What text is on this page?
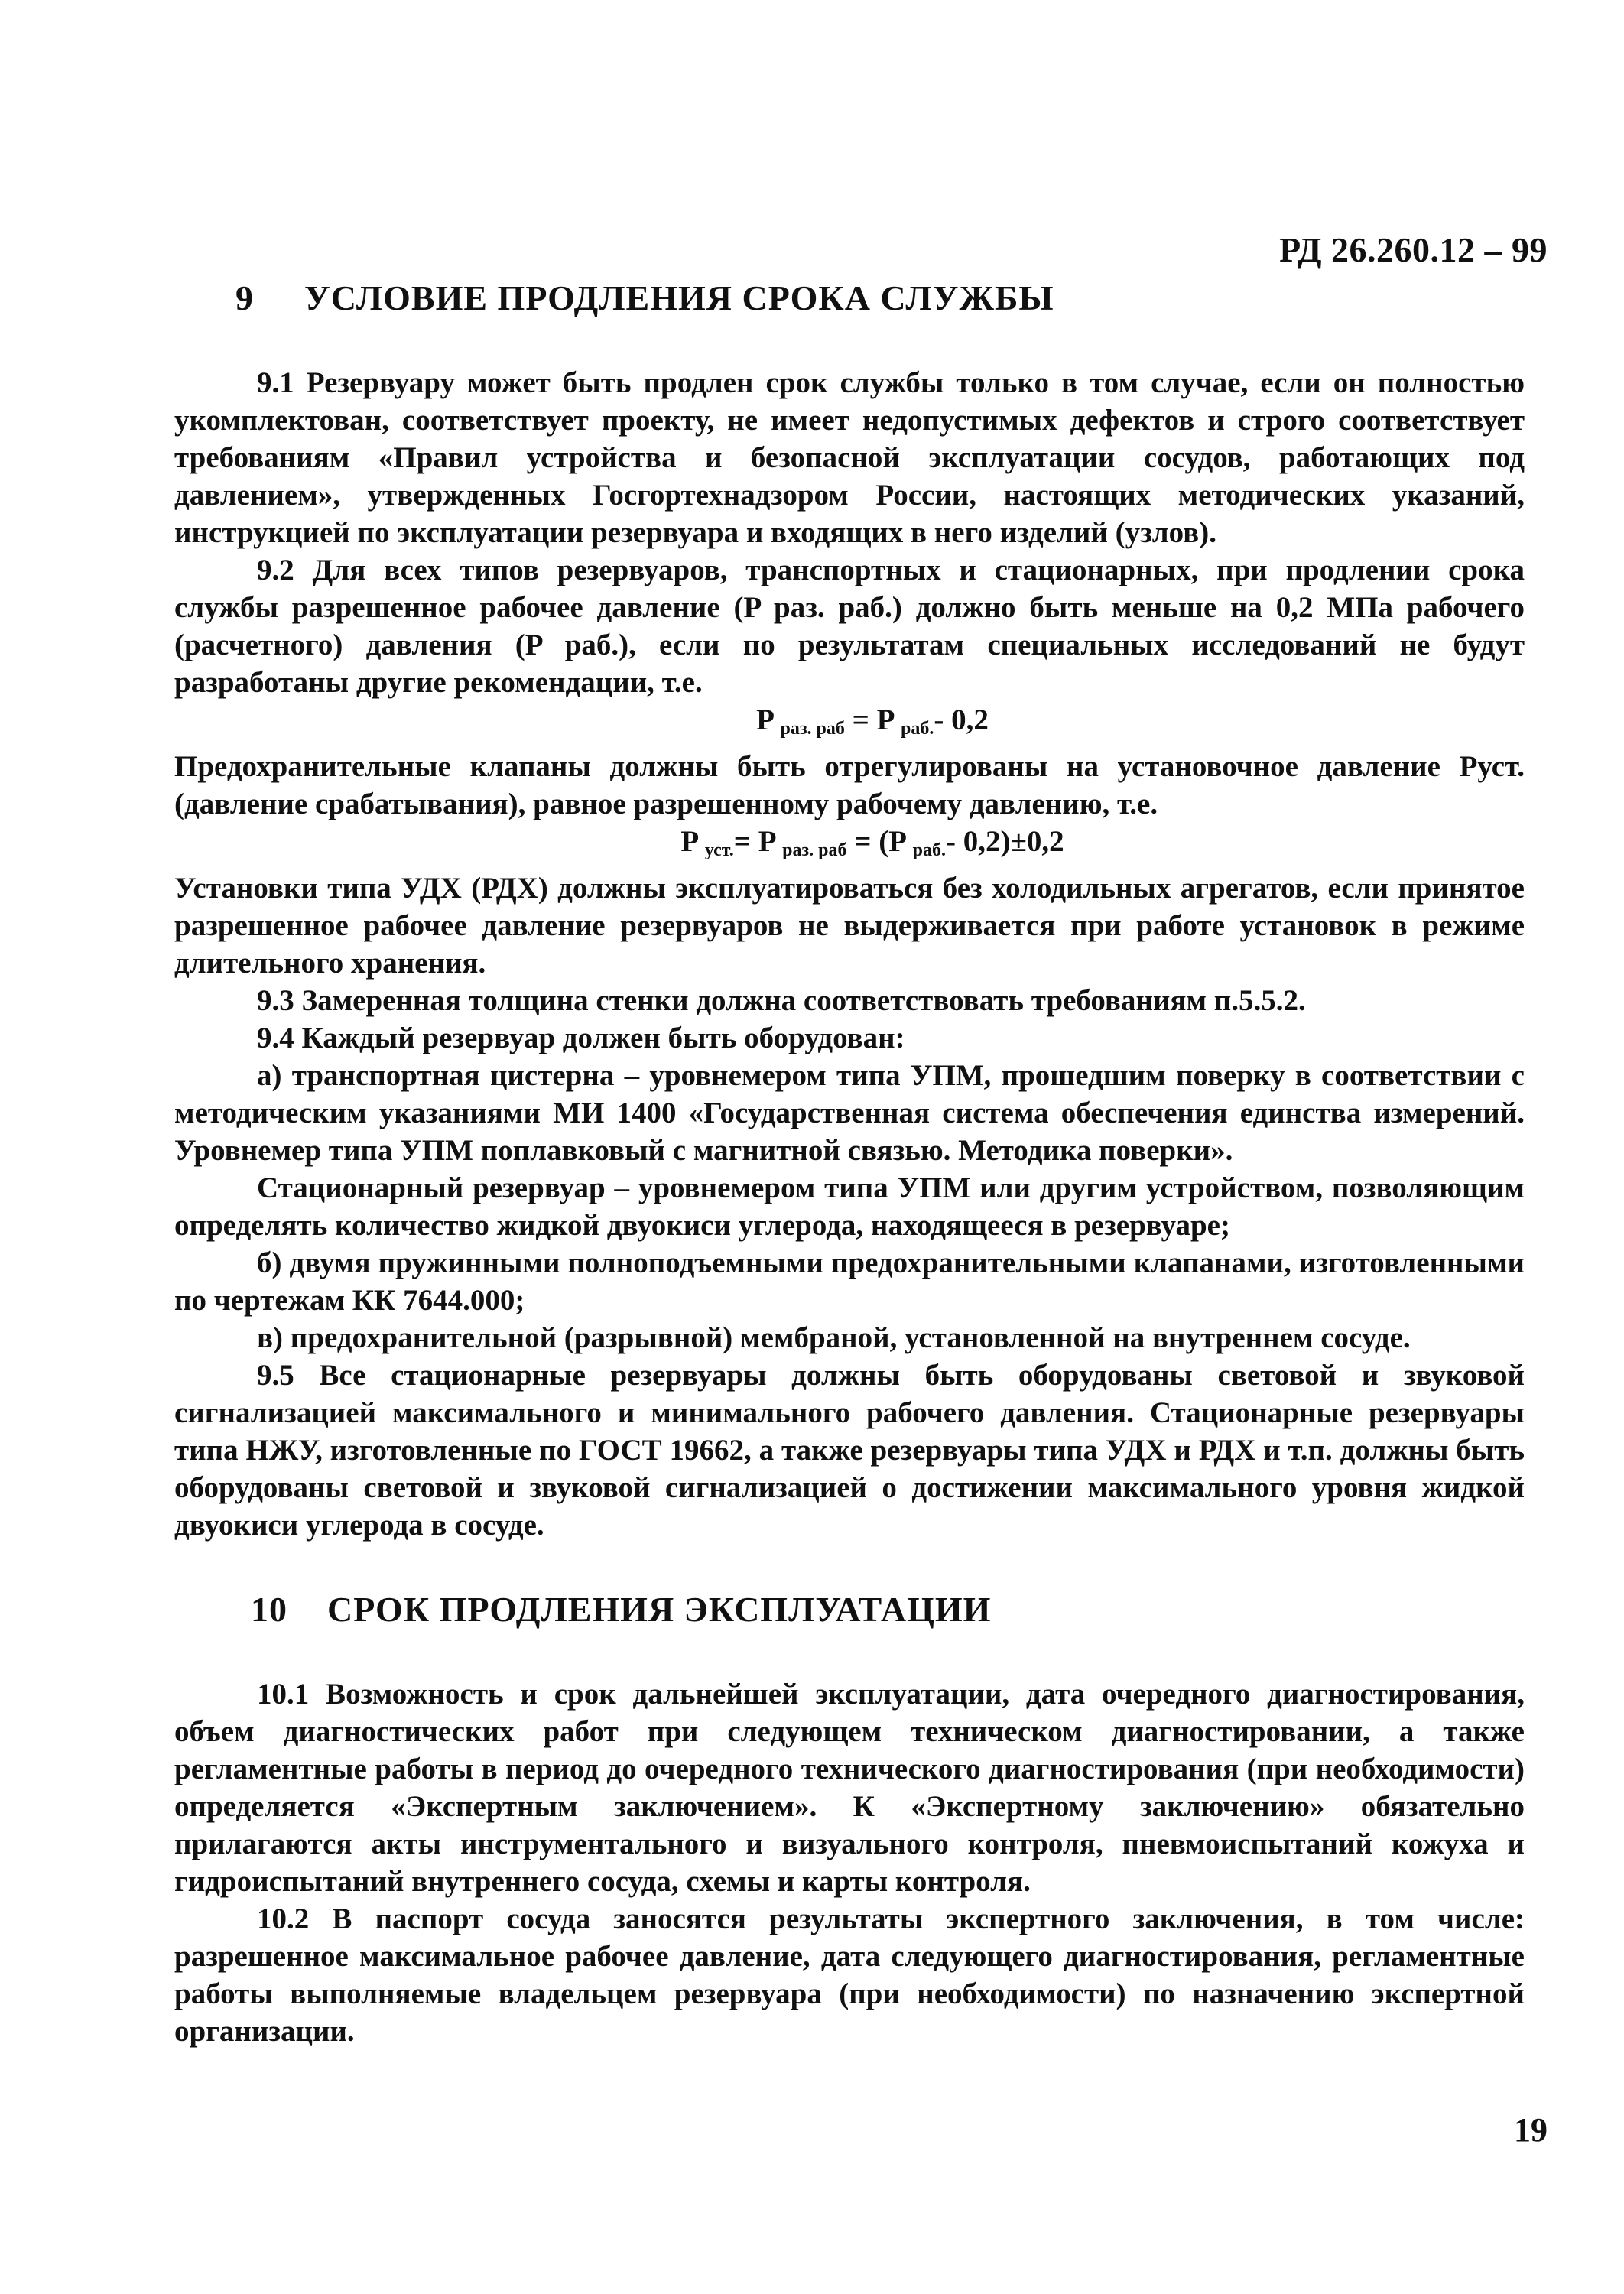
РД 26.260.12 – 99
9 УСЛОВИЕ ПРОДЛЕНИЯ СРОКА СЛУЖБЫ

9.1 Резервуару может быть продлен срок службы только в том случае, если он полностью укомплектован, соответствует проекту, не имеет недопустимых дефектов и строго соответствует требованиям «Правил устройства и безопасной эксплуатации сосудов, работающих под давлением», утвержденных Госгортехнадзором России, настоящих методических указаний, инструкцией по эксплуатации резервуара и входящих в него изделий (узлов).

9.2 Для всех типов резервуаров, транспортных и стационарных, при продлении срока службы разрешенное рабочее давление (P раз. раб.) должно быть меньше на 0,2 МПа рабочего (расчетного) давления (P раб.), если по результатам специальных исследований не будут разработаны другие рекомендации, т.е.

P $_{раз. раб}$ = P $_{раб.}$- 0,2

Предохранительные клапаны должны быть отрегулированы на установочное давление Pуст. (давление срабатывания), равное разрешенному рабочему давлению, т.е.

P $_{уст.}$= P $_{раз. раб}$ = (P $_{раб.}$- 0,2)±0,2

Установки типа УДХ (РДХ) должны эксплуатироваться без холодильных агрегатов, если принятое разрешенное рабочее давление резервуаров не выдерживается при работе установок в режиме длительного хранения.

9.3 Замеренная толщина стенки должна соответствовать требованиям п.5.5.2.

9.4 Каждый резервуар должен быть оборудован:

а) транспортная цистерна – уровнемером типа УПМ, прошедшим поверку в соответствии с методическим указаниями МИ 1400 «Государственная система обеспечения единства измерений. Уровнемер типа УПМ поплавковый с магнитной связью. Методика поверки».

Стационарный резервуар – уровнемером типа УПМ или другим устройством, позволяющим определять количество жидкой двуокиси углерода, находящееся в резервуаре;

б) двумя пружинными полноподъемными предохранительными клапанами, изготовленными по чертежам КК 7644.000;

в) предохранительной (разрывной) мембраной, установленной на внутреннем сосуде.

9.5 Все стационарные резервуары должны быть оборудованы световой и звуковой сигнализацией максимального и минимального рабочего давления. Стационарные резервуары типа НЖУ, изготовленные по ГОСТ 19662, а также резервуары типа УДХ и РДХ и т.п. должны быть оборудованы световой и звуковой сигнализацией о достижении максимального уровня жидкой двуокиси углерода в сосуде.

10 СРОК ПРОДЛЕНИЯ ЭКСПЛУАТАЦИИ

10.1 Возможность и срок дальнейшей эксплуатации, дата очередного диагностирования, объем диагностических работ при следующем техническом диагностировании, а также регламентные работы в период до очередного технического диагностирования (при необходимости) определяется «Экспертным заключением». К «Экспертному заключению» обязательно прилагаются акты инструментального и визуального контроля, пневмоиспытаний кожуха и гидроиспытаний внутреннего сосуда, схемы и карты контроля.

10.2 В паспорт сосуда заносятся результаты экспертного заключения, в том числе: разрешенное максимальное рабочее давление, дата следующего диагностирования, регламентные работы выполняемые владельцем резервуара (при необходимости) по назначению экспертной организации.

19
